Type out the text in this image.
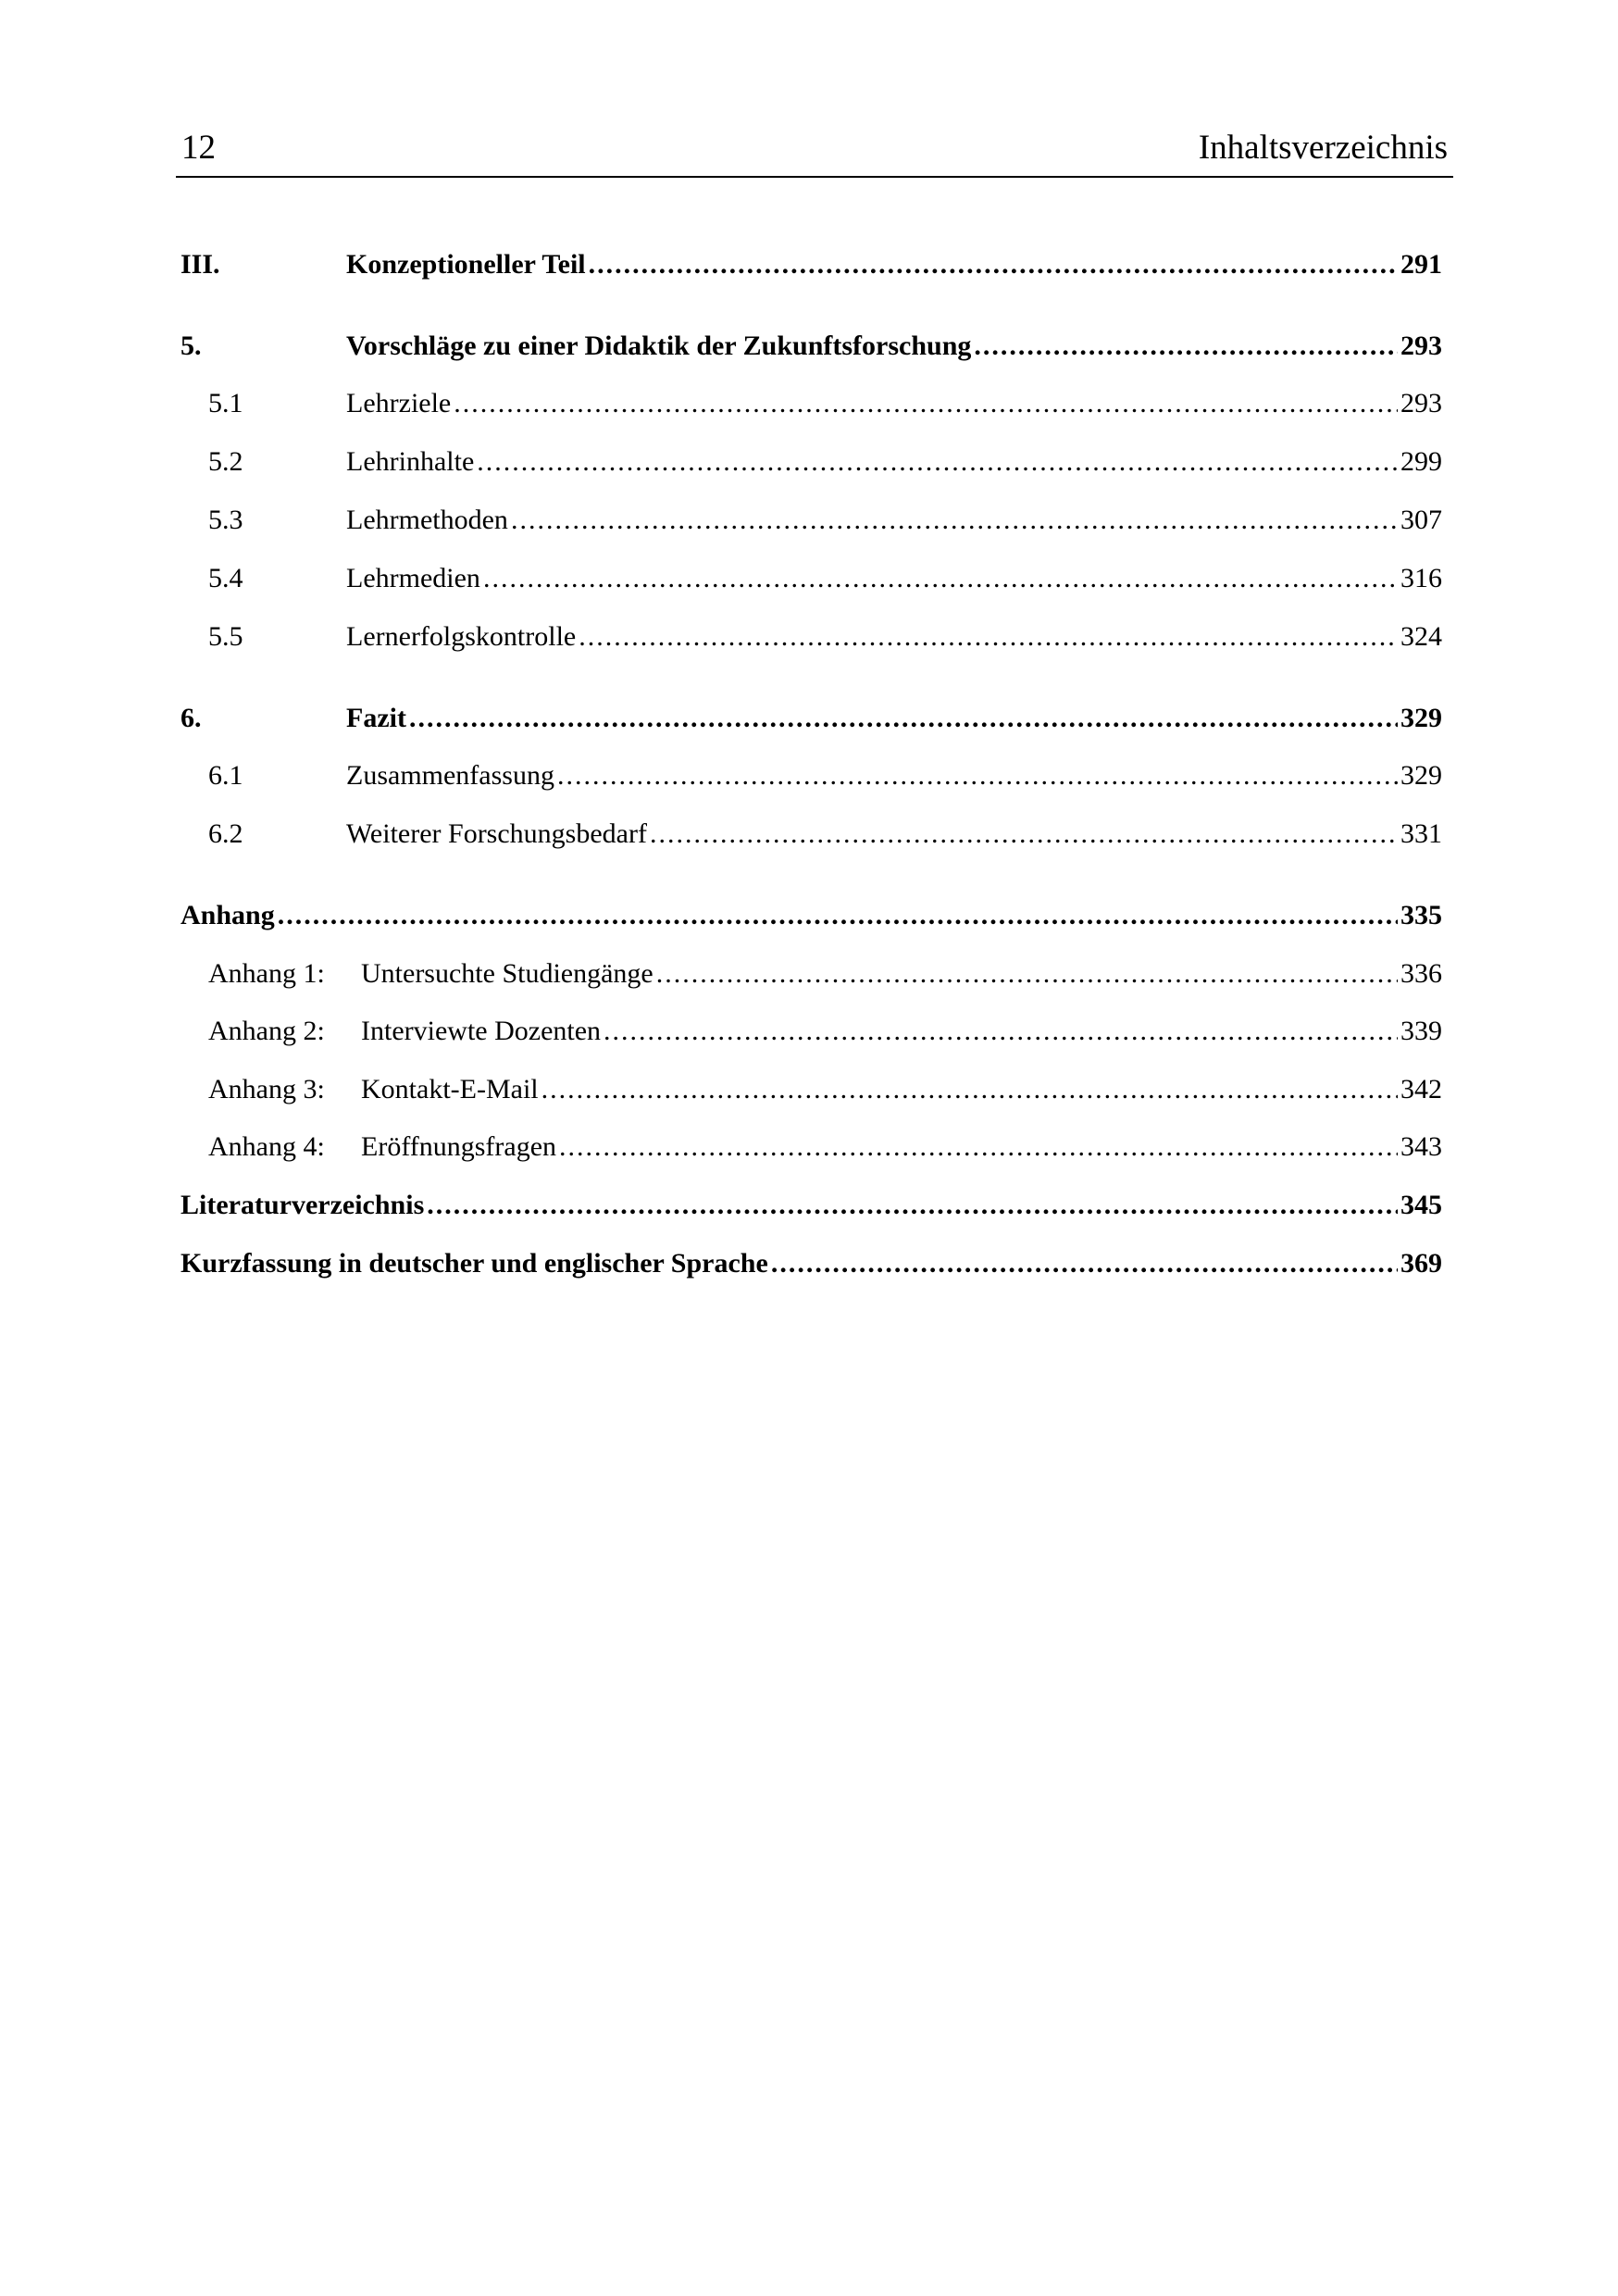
12	Inhaltsverzeichnis
III.	Konzeptioneller Teil .....	291
5.	Vorschläge zu einer Didaktik der Zukunftsforschung .....	293
5.1	Lehrziele .....	293
5.2	Lehrinhalte .....	299
5.3	Lehrmethoden .....	307
5.4	Lehrmedien .....	316
5.5	Lernerfolgskontrolle .....	324
6.	Fazit .....	329
6.1	Zusammenfassung .....	329
6.2	Weiterer Forschungsbedarf .....	331
Anhang .....	335
Anhang 1: Untersuchte Studiengänge .....	336
Anhang 2: Interviewte Dozenten .....	339
Anhang 3: Kontakt-E-Mail .....	342
Anhang 4: Eröffnungsfragen .....	343
Literaturverzeichnis .....	345
Kurzfassung in deutscher und englischer Sprache .....	369
